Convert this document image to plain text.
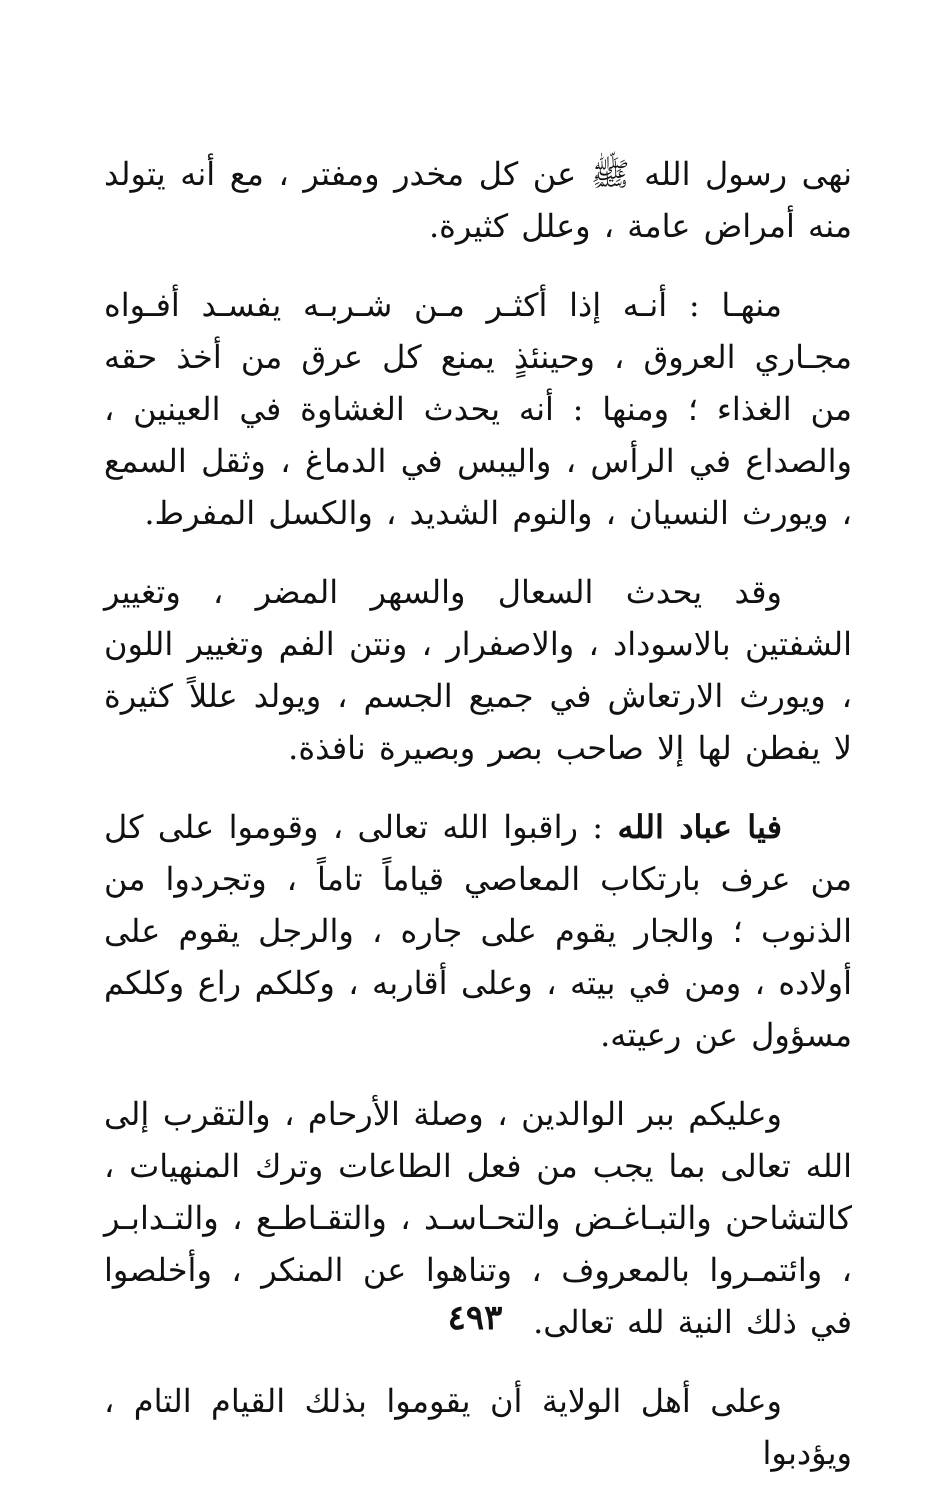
نهى رسول الله ﷺ عن كل مخدر ومفتر ، مع أنه يتولد منه أمراض عامة ، وعلل كثيرة.

منهـا : أنـه إذا أكثـر مـن شـربـه يفسـد أفـواه مجـاري العروق ، وحينئذٍ يمنع كل عرق من أخذ حقه من الغذاء ؛ ومنها : أنه يحدث الغشاوة في العينين ، والصداع في الرأس ، واليبس في الدماغ ، وثقل السمع ، ويورث النسيان ، والنوم الشديد ، والكسل المفرط.

وقد يحدث السعال والسهر المضر ، وتغيير الشفتين بالاسوداد ، والاصفرار ، ونتن الفم وتغيير اللون ، ويورث الارتعاش في جميع الجسم ، ويولد عللاً كثيرة لا يفطن لها إلا صاحب بصر وبصيرة نافذة.

فيا عباد الله : راقبوا الله تعالى ، وقوموا على كل من عرف بارتكاب المعاصي قياماً تاماً ، وتجردوا من الذنوب ؛ والجار يقوم على جاره ، والرجل يقوم على أولاده ، ومن في بيته ، وعلى أقاربه ، وكلكم راع وكلكم مسؤول عن رعيته.

وعليكم ببر الوالدين ، وصلة الأرحام ، والتقرب إلى الله تعالى بما يجب من فعل الطاعات وترك المنهيات ، كالتشاحن والتبـاغـض والتحـاسـد ، والتقـاطـع ، والتـدابـر ، وائتمـروا بالمعروف ، وتناهوا عن المنكر ، وأخلصوا في ذلك النية لله تعالى.

وعلى أهل الولاية أن يقوموا بذلك القيام التام ، ويؤدبوا

٤٩٣
